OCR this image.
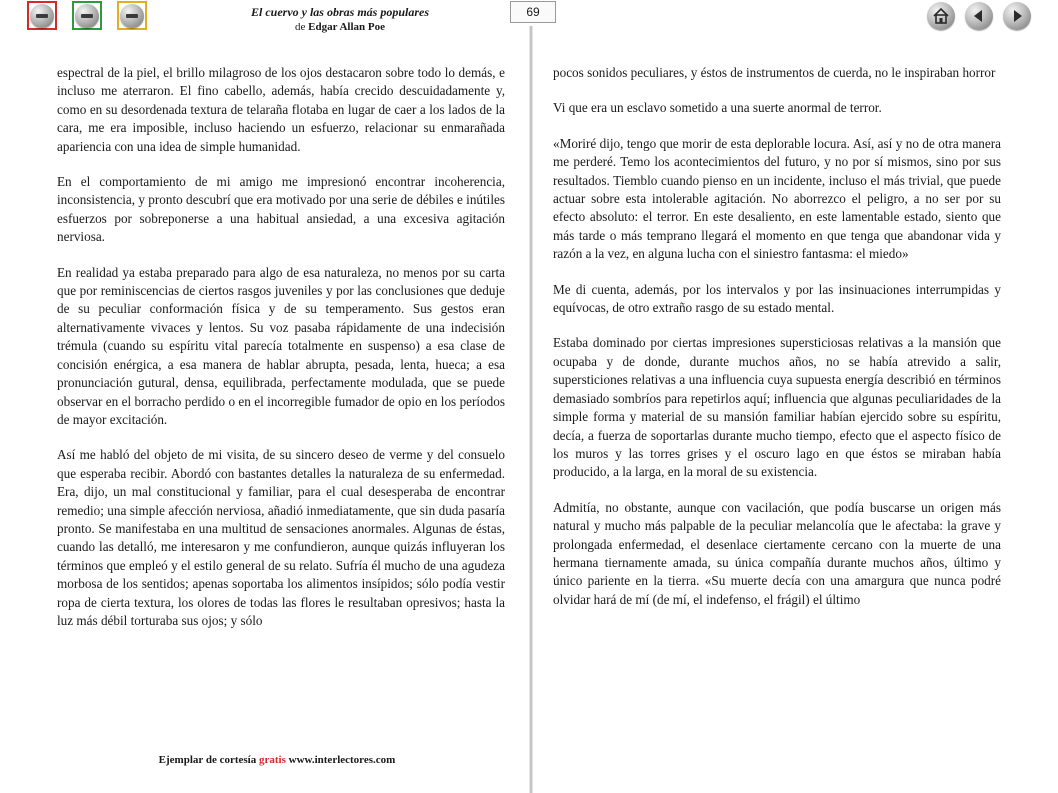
El cuervo y las obras más populares
de Edgar Allan Poe
69

espectral de la piel, el brillo milagroso de los ojos destacaron sobre todo lo demás, e incluso me aterraron. El fino cabello, además, había crecido descuidadamente y, como en su desordenada textura de telaraña flotaba en lugar de caer a los lados de la cara, me era imposible, incluso haciendo un esfuerzo, relacionar su enmarañada apariencia con una idea de simple humanidad.

En el comportamiento de mi amigo me impresionó encontrar incoherencia, inconsistencia, y pronto descubrí que era motivado por una serie de débiles e inútiles esfuerzos por sobreponerse a una habitual ansiedad, a una excesiva agitación nerviosa.

En realidad ya estaba preparado para algo de esa naturaleza, no menos por su carta que por reminiscencias de ciertos rasgos juveniles y por las conclusiones que deduje de su peculiar conformación física y de su temperamento. Sus gestos eran alternativamente vivaces y lentos. Su voz pasaba rápidamente de una indecisión trémula (cuando su espíritu vital parecía totalmente en suspenso) a esa clase de concisión enérgica, a esa manera de hablar abrupta, pesada, lenta, hueca; a esa pronunciación gutural, densa, equilibrada, perfectamente modulada, que se puede observar en el borracho perdido o en el incorregible fumador de opio en los períodos de mayor excitación.

Así me habló del objeto de mi visita, de su sincero deseo de verme y del consuelo que esperaba recibir. Abordó con bastantes detalles la naturaleza de su enfermedad. Era, dijo, un mal constitucional y familiar, para el cual desesperaba de encontrar remedio; una simple afección nerviosa, añadió inmediatamente, que sin duda pasaría pronto. Se manifestaba en una multitud de sensaciones anormales. Algunas de éstas, cuando las detalló, me interesaron y me confundieron, aunque quizás influyeran los términos que empleó y el estilo general de su relato. Sufría él mucho de una agudeza morbosa de los sentidos; apenas soportaba los alimentos insípidos; sólo podía vestir ropa de cierta textura, los olores de todas las flores le resultaban opresivos; hasta la luz más débil torturaba sus ojos; y sólo

pocos sonidos peculiares, y éstos de instrumentos de cuerda, no le inspiraban horror

Vi que era un esclavo sometido a una suerte anormal de terror.

«Moriré dijo, tengo que morir de esta deplorable locura. Así, así y no de otra manera me perderé. Temo los acontecimientos del futuro, y no por sí mismos, sino por sus resultados. Tiemblo cuando pienso en un incidente, incluso el más trivial, que puede actuar sobre esta intolerable agitación. No aborrezco el peligro, a no ser por su efecto absoluto: el terror. En este desaliento, en este lamentable estado, siento que más tarde o más temprano llegará el momento en que tenga que abandonar vida y razón a la vez, en alguna lucha con el siniestro fantasma: el miedo»

Me di cuenta, además, por los intervalos y por las insinuaciones interrumpidas y equívocas, de otro extraño rasgo de su estado mental.

Estaba dominado por ciertas impresiones supersticiosas relativas a la mansión que ocupaba y de donde, durante muchos años, no se había atrevido a salir, supersticiones relativas a una influencia cuya supuesta energía describió en términos demasiado sombríos para repetirlos aquí; influencia que algunas peculiaridades de la simple forma y material de su mansión familiar habían ejercido sobre su espíritu, decía, a fuerza de soportarlas durante mucho tiempo, efecto que el aspecto físico de los muros y las torres grises y el oscuro lago en que éstos se miraban había producido, a la larga, en la moral de su existencia.

Admitía, no obstante, aunque con vacilación, que podía buscarse un origen más natural y mucho más palpable de la peculiar melancolía que le afectaba: la grave y prolongada enfermedad, el desenlace ciertamente cercano con la muerte de una hermana tiernamente amada, su única compañía durante muchos años, último y único pariente en la tierra. «Su muerte decía con una amargura que nunca podré olvidar hará de mí (de mí, el indefenso, el frágil) el último

Ejemplar de cortesía gratis www.interlectores.com
